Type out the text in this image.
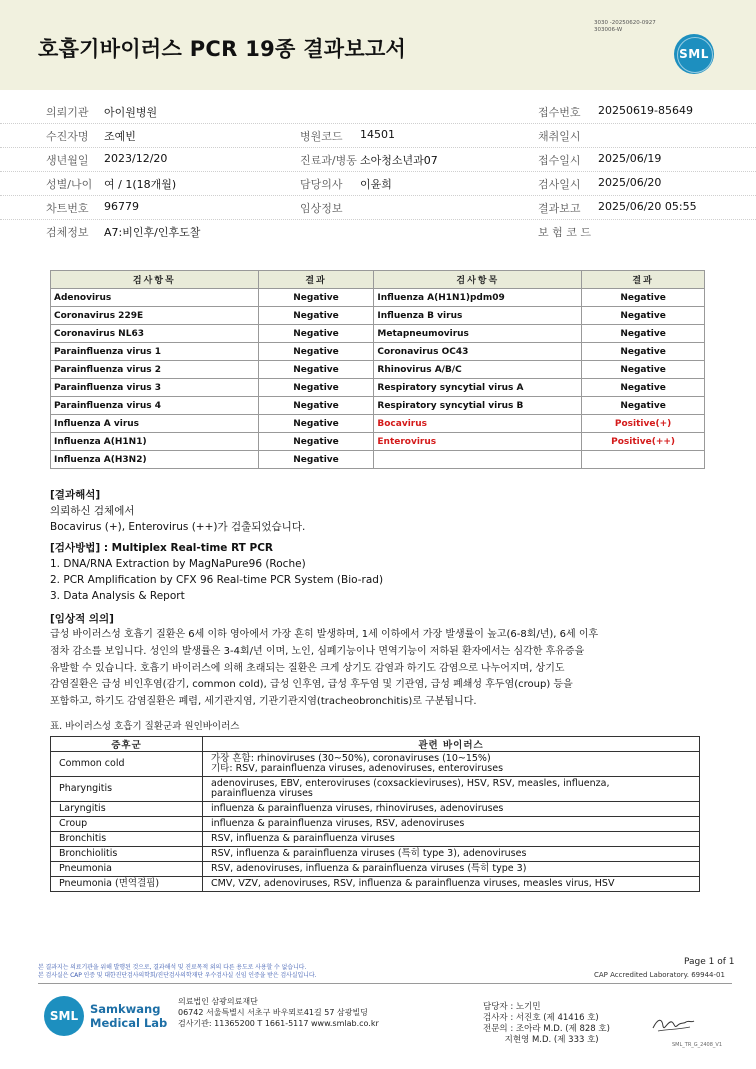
호흡기바이러스 PCR 19종 결과보고서
3030 -20250620-0927
303006-W
SML
의뢰기관 아이원병원	접수번호 20250619-85649
수진자명 조예빈	병원코드 14501	채취일시
생년월일 2023/12/20	진료과/병동 소아청소년과07	접수일시 2025/06/19
성별/나이 여 / 1(18개월)	담당의사 이윤희	검사일시 2025/06/20
차트번호 96779	임상정보	결과보고 2025/06/20 05:55
검체정보 A7:비인후/인후도찰	보 험 코 드
검사항목	결과	검사항목	결과
Adenovirus	Negative	Influenza A(H1N1)pdm09	Negative
Coronavirus 229E	Negative	Influenza B virus	Negative
Coronavirus NL63	Negative	Metapneumovirus	Negative
Parainfluenza virus 1	Negative	Coronavirus OC43	Negative
Parainfluenza virus 2	Negative	Rhinovirus A/B/C	Negative
Parainfluenza virus 3	Negative	Respiratory syncytial virus A	Negative
Parainfluenza virus 4	Negative	Respiratory syncytial virus B	Negative
Influenza A virus	Negative	Bocavirus	Positive(+)
Influenza A(H1N1)	Negative	Enterovirus	Positive(++)
Influenza A(H3N2)	Negative		
[결과해석]
의뢰하신 검체에서
Bocavirus (+), Enterovirus (++)가 검출되었습니다.
[검사방법] : Multiplex Real-time RT PCR
1. DNA/RNA Extraction by MagNaPure96 (Roche)
2. PCR Amplification by CFX 96 Real-time PCR System (Bio-rad)
3. Data Analysis & Report
[임상적 의의]
급성 바이러스성 호흡기 질환은 6세 이하 영아에서 가장 흔히 발생하며, 1세 이하에서 가장 발생률이 높고(6-8회/년), 6세 이후
점차 감소를 보입니다. 성인의 발생률은 3-4회/년 이며, 노인, 심폐기능이나 면역기능이 저하된 환자에서는 심각한 후유증을
유발할 수 있습니다. 호흡기 바이러스에 의해 초래되는 질환은 크게 상기도 감염과 하기도 감염으로 나누어지며, 상기도
감염질환은 급성 비인후염(감기, common cold), 급성 인후염, 급성 후두염 및 기관염, 급성 폐쇄성 후두염(croup) 등을
포함하고, 하기도 감염질환은 폐렴, 세기관지염, 기관기관지염(tracheobronchitis)로 구분됩니다.
표. 바이러스성 호흡기 질환군과 원인바이러스
증후군	관련 바이러스
Common cold	가장 흔함: rhinoviruses (30~50%), coronaviruses (10~15%)
기타: RSV, parainfluenza viruses, adenoviruses, enteroviruses

Pharyngitis	adenoviruses, EBV, enteroviruses (coxsackieviruses), HSV, RSV, measles, influenza,
parainfluenza viruses

Laryngitis	influenza & parainfluenza viruses, rhinoviruses, adenoviruses

Croup	influenza & parainfluenza viruses, RSV, adenoviruses

Bronchitis	RSV, influenza & parainfluenza viruses

Bronchiolitis	RSV, influenza & parainfluenza viruses (특히 type 3), adenoviruses

Pneumonia	RSV, adenoviruses, influenza & parainfluenza viruses (특히 type 3)

Pneumonia (면역결핍)	CMV, VZV, adenoviruses, RSV, influenza & parainfluenza viruses, measles virus, HSV
본 결과지는 의료기관을 위해 발행된 것으로, 결과해석 및 진료목적 외의 다른 용도로 사용할 수 없습니다.
본 검사실은 CAP 인증 및 대한진단검사의학회/진단검사의학재단 우수검사실 신임 인증을 받은 검사실입니다.
Page 1 of 1
CAP Accredited Laboratory. 69944-01
SML	Samkwang
Medical Lab
의료법인 삼광의료재단
06742 서울특별시 서초구 바우뫼로41길 57 삼광빌딩
검사기관: 11365200 T 1661-5117 www.smlab.co.kr
담당자 : 노기민
검사자 : 서진호 (제 41416 호)
전문의 : 조아라 M.D. (제 828 호)
지현영 M.D. (제 333 호)	SML_TR_G_2408_V1
